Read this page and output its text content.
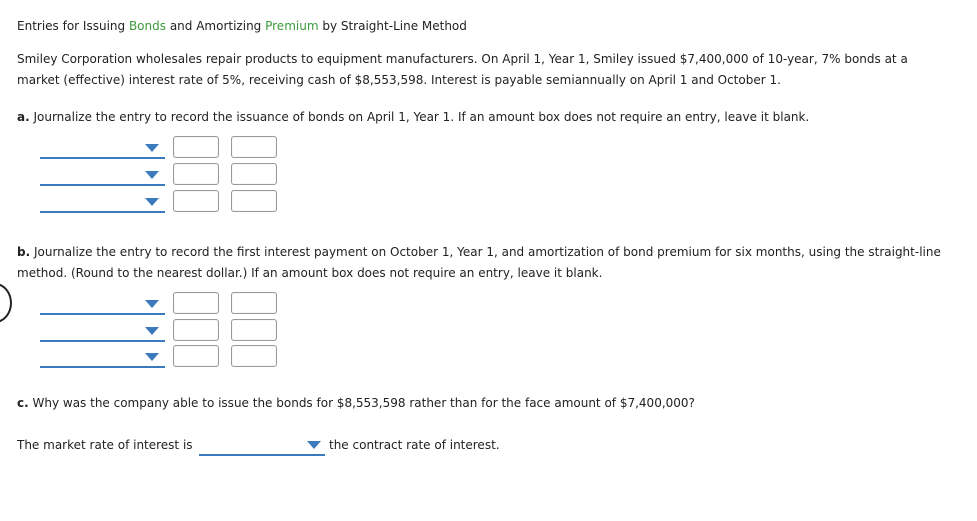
Entries for Issuing Bonds and Amortizing Premium by Straight-Line Method
Smiley Corporation wholesales repair products to equipment manufacturers. On April 1, Year 1, Smiley issued $7,400,000 of 10-year, 7% bonds at a
market (effective) interest rate of 5%, receiving cash of $8,553,598. Interest is payable semiannually on April 1 and October 1.
a. Journalize the entry to record the issuance of bonds on April 1, Year 1. If an amount box does not require an entry, leave it blank.
b. Journalize the entry to record the first interest payment on October 1, Year 1, and amortization of bond premium for six months, using the straight-line
method. (Round to the nearest dollar.) If an amount box does not require an entry, leave it blank.
c. Why was the company able to issue the bonds for $8,553,598 rather than for the face amount of $7,400,000?
The market rate of interest is	the contract rate of interest.
